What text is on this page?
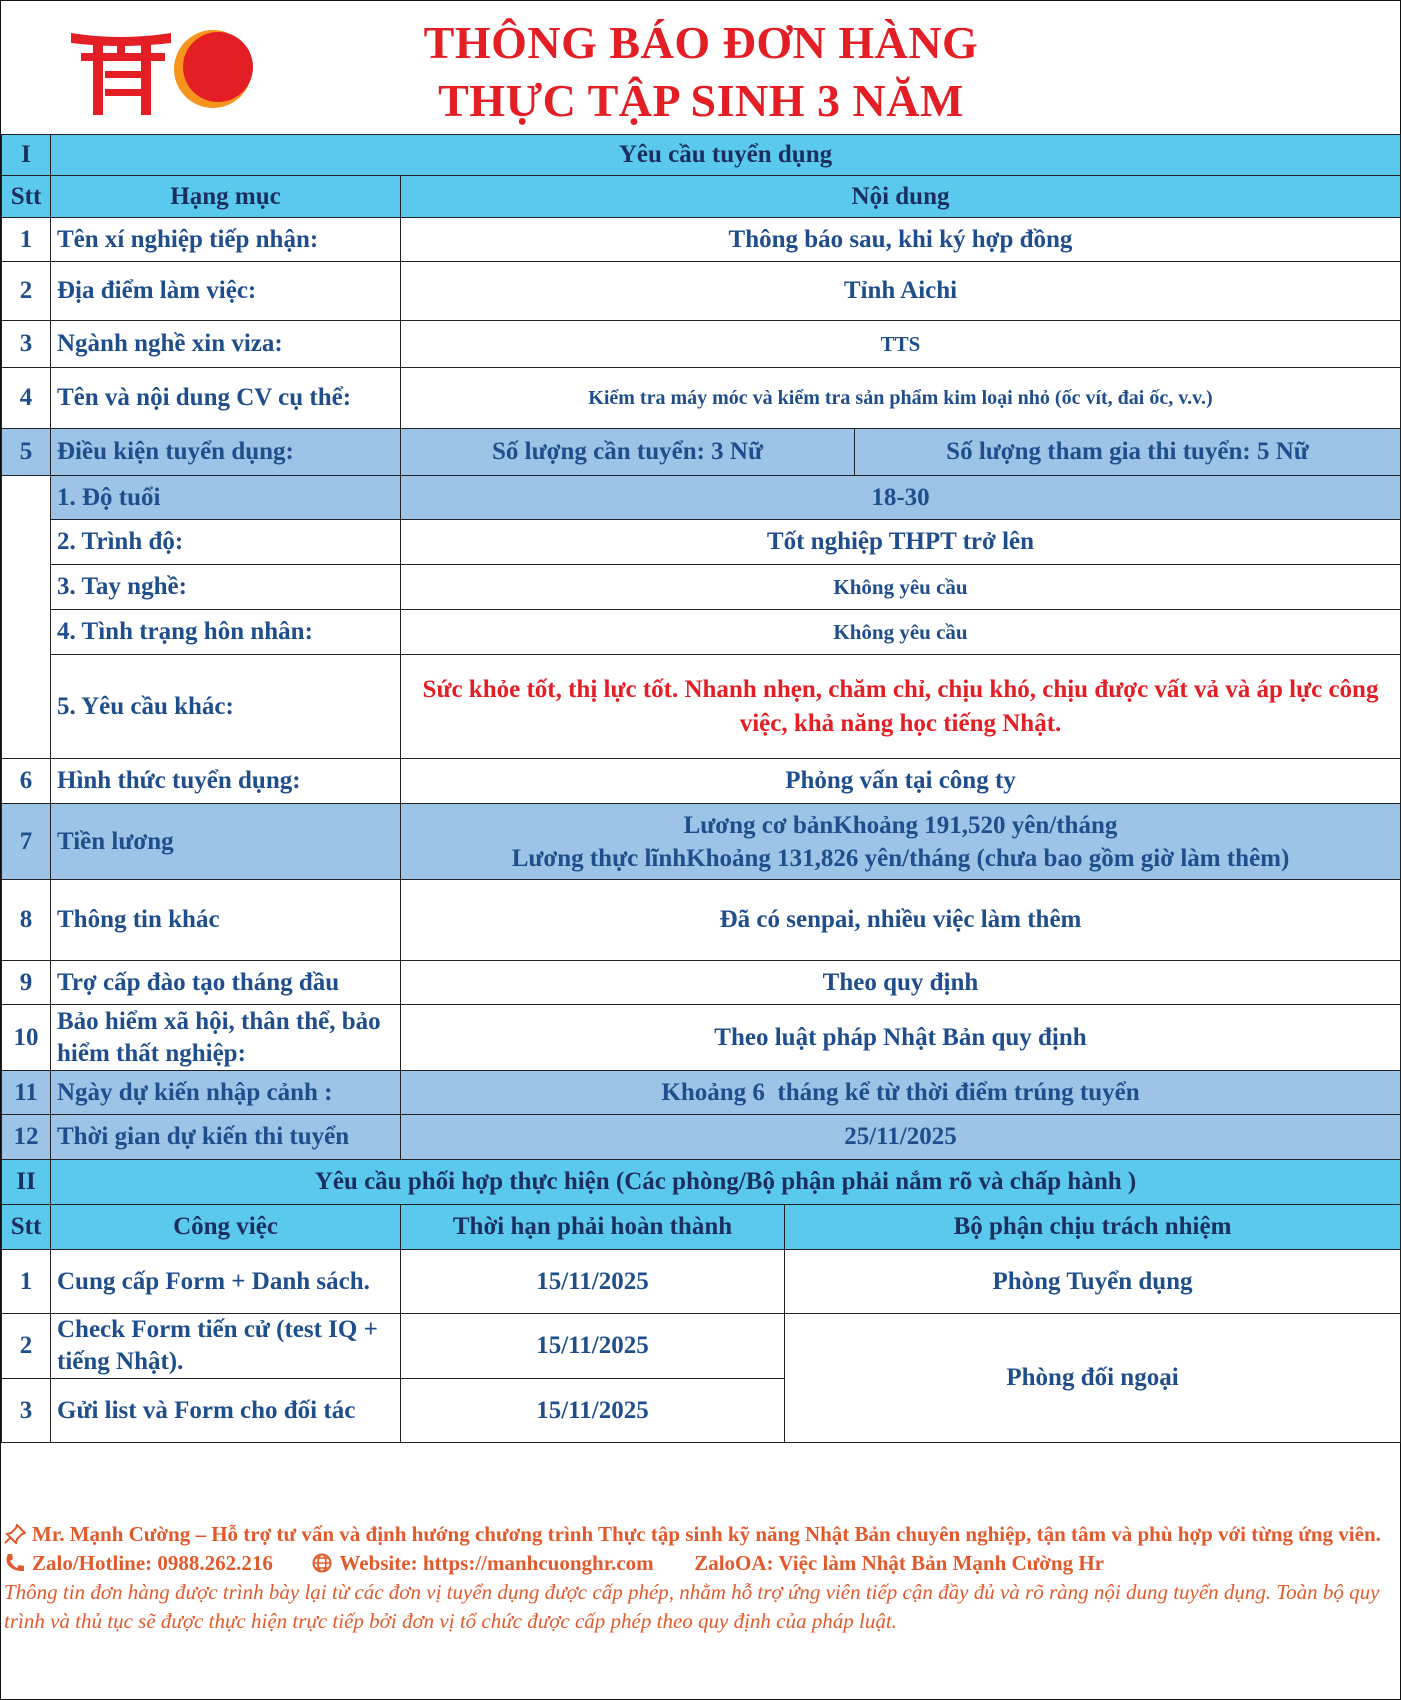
THÔNG BÁO ĐƠN HÀNG
THỰC TẬP SINH 3 NĂM
I	Yêu cầu tuyển dụng			
Stt	Hạng mục	Nội dung		
1	Tên xí nghiệp tiếp nhận:	Thông báo sau, khi ký hợp đồng		
2	Địa điểm làm việc:	Tỉnh Aichi		
3	Ngành nghề xin viza:	TTS		
4	Tên và nội dung CV cụ thể:	Kiểm tra máy móc và kiểm tra sản phẩm kim loại nhỏ (ốc vít, đai ốc, v.v.)		
5	Điều kiện tuyển dụng:	Số lượng cần tuyển: 3 Nữ		Số lượng tham gia thi tuyển: 5 Nữ
	1. Độ tuổi	18-30		
	2. Trình độ:	Tốt nghiệp THPT trở lên		
	3. Tay nghề:	Không yêu cầu		
	4. Tình trạng hôn nhân:	Không yêu cầu		
	5. Yêu cầu khác:	Sức khỏe tốt, thị lực tốt. Nhanh nhẹn, chăm chỉ, chịu khó, chịu được vất vả và áp lực công việc, khả năng học tiếng Nhật.		
6	Hình thức tuyển dụng:	Phỏng vấn tại công ty		
7	Tiền lương	Lương cơ bảnKhoảng 191,520 yên/tháng
Lương thực lĩnhKhoảng 131,826 yên/tháng (chưa bao gồm giờ làm thêm)		

8	Thông tin khác	Đã có senpai, nhiều việc làm thêm		
9	Trợ cấp đào tạo tháng đầu	Theo quy định		
10	Bảo hiểm xã hội, thân thể, bảo hiểm thất nghiệp:	Theo luật pháp Nhật Bản quy định		
11	Ngày dự kiến nhập cảnh :	Khoảng 6  tháng kể từ thời điểm trúng tuyển		
12	Thời gian dự kiến thi tuyển	25/11/2025		
II	Yêu cầu phối hợp thực hiện (Các phòng/Bộ phận phải nắm rõ và chấp hành )			
Stt	Công việc	Thời hạn phải hoàn thành	Bộ phận chịu trách nhiệm	
1	Cung cấp Form + Danh sách.	15/11/2025	Phòng Tuyển dụng	
2	Check Form tiến cử (test IQ + tiếng Nhật).	15/11/2025	Phòng đối ngoại	
3	Gửi list và Form cho đối tác	15/11/2025		
Mr. Mạnh Cường – Hỗ trợ tư vấn và định hướng chương trình Thực tập sinh kỹ năng Nhật Bản chuyên nghiệp, tận tâm và phù hợp với từng ứng viên.
Zalo/Hotline: 0988.262.216	Website: https://manhcuonghr.com ZaloOA: Việc làm Nhật Bản Mạnh Cường Hr
Thông tin đơn hàng được trình bày lại từ các đơn vị tuyển dụng được cấp phép, nhằm hỗ trợ ứng viên tiếp cận đầy đủ và rõ ràng nội dung tuyển dụng. Toàn bộ quy trình và thủ tục sẽ được thực hiện trực tiếp bởi đơn vị tổ chức được cấp phép theo quy định của pháp luật.
